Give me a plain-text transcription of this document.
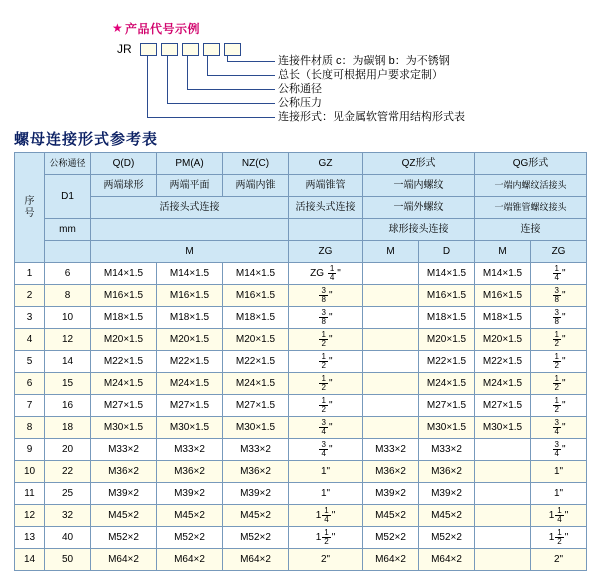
★ 产品代号示例
JR
连接件材质 c：为碳钢 b：为不锈钢
总长（长度可根据用户要求定制）
公称通径
公称压力
连接形式：见金属软管常用结构形式表
螺母连接形式参考表
序
号	公称通径	Q(D)	PM(A)	NZ(C)	GZ	QZ形式		QG形式	
	D1	两端球形	两端平面	两端内锥	两端锥管	一端内螺纹		一端内螺纹活接头	
		活接头式连接			活接头式连接	一端外螺纹		一端锥管螺纹接头	
	mm					球形接头连接		连接	
		M			ZG	M	D	M	ZG
1	6	M14×1.5	M14×1.5	M14×1.5	ZG $\frac{1}{4}$ "		M14×1.5	M14×1.5	$\frac{1}{4}$ "
2	8	M16×1.5	M16×1.5	M16×1.5	$\frac{3}{8}$ "		M16×1.5	M16×1.5	$\frac{3}{8}$ "
3	10	M18×1.5	M18×1.5	M18×1.5	$\frac{3}{8}$ "		M18×1.5	M18×1.5	$\frac{3}{8}$ "
4	12	M20×1.5	M20×1.5	M20×1.5	$\frac{1}{2}$ "		M20×1.5	M20×1.5	$\frac{1}{2}$ "
5	14	M22×1.5	M22×1.5	M22×1.5	$\frac{1}{2}$ "		M22×1.5	M22×1.5	$\frac{1}{2}$ "
6	15	M24×1.5	M24×1.5	M24×1.5	$\frac{1}{2}$ "		M24×1.5	M24×1.5	$\frac{1}{2}$ "
7	16	M27×1.5	M27×1.5	M27×1.5	$\frac{1}{2}$ "		M27×1.5	M27×1.5	$\frac{1}{2}$ "
8	18	M30×1.5	M30×1.5	M30×1.5	$\frac{3}{4}$ "		M30×1.5	M30×1.5	$\frac{3}{4}$ "
9	20	M33×2	M33×2	M33×2	$\frac{3}{4}$ "	M33×2	M33×2		$\frac{3}{4}$ "
10	22	M36×2	M36×2	M36×2	1"	M36×2	M36×2		1"
11	25	M39×2	M39×2	M39×2	1"	M39×2	M39×2		1"
12	32	M45×2	M45×2	M45×2	$1 \frac{1}{4}$ "	M45×2	M45×2		$1 \frac{1}{4}$ "
13	40	M52×2	M52×2	M52×2	$1 \frac{1}{2}$ "	M52×2	M52×2		$1 \frac{1}{2}$ "
14	50	M64×2	M64×2	M64×2	2"	M64×2	M64×2		2"
